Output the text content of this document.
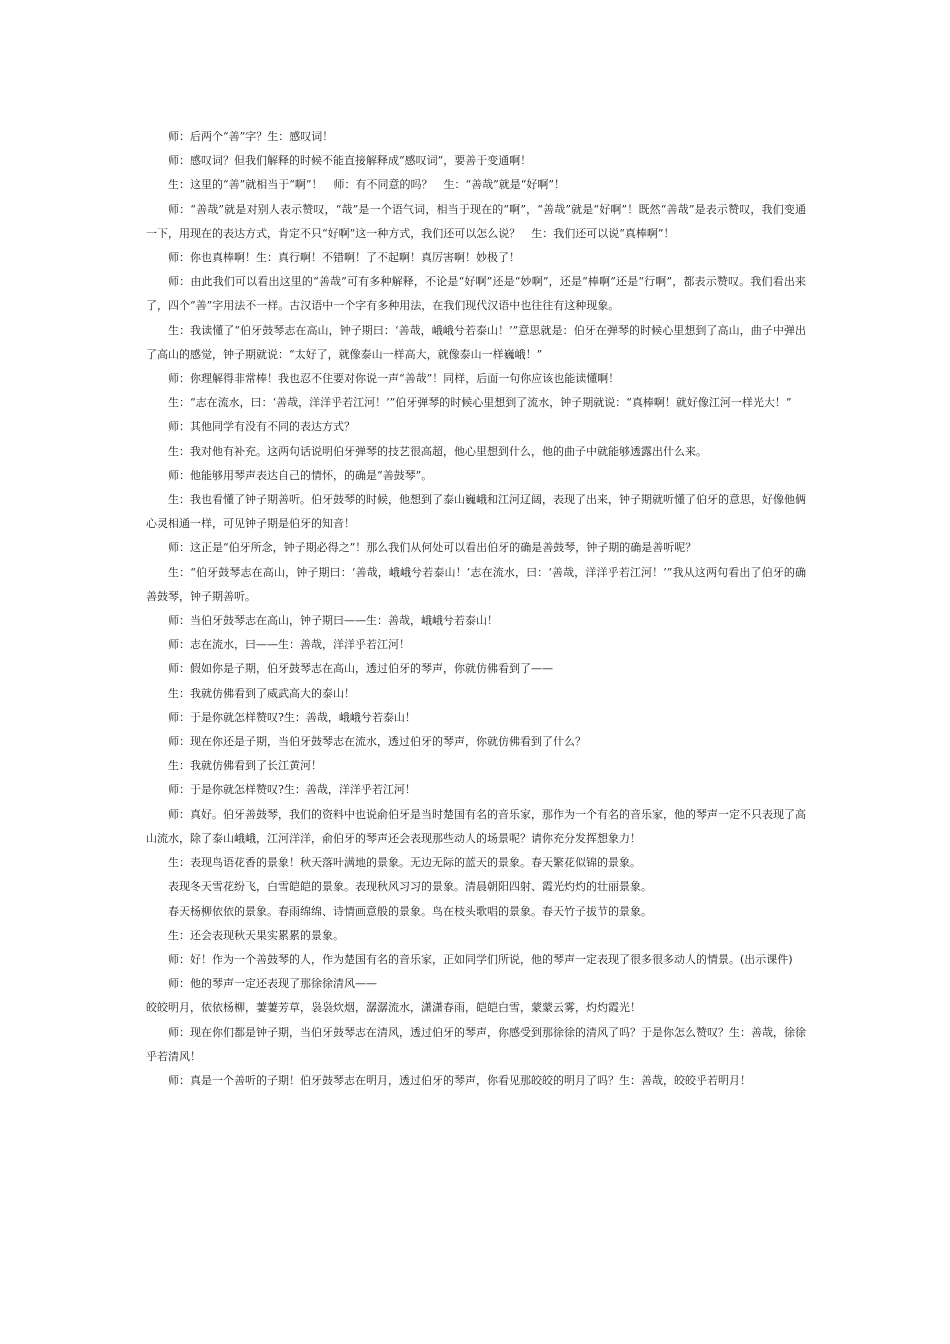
师：后两个“善”字？生：感叹词！

师：感叹词？但我们解释的时候不能直接解释成“感叹词”，要善于变通啊！

生：这里的“善”就相当于“啊”！　师：有不同意的吗？　生：“善哉”就是“好啊”！

师：“善哉”就是对别人表示赞叹，“哉”是一个语气词，相当于现在的“啊”，“善哉”就是“好啊”！既然“善哉”是表示赞叹，我们变通一下，用现在的表达方式，肯定不只“好啊”这一种方式，我们还可以怎么说？　生：我们还可以说“真棒啊”！

师：你也真棒啊！生：真行啊！不错啊！了不起啊！真厉害啊！妙极了！

师：由此我们可以看出这里的“善哉”可有多种解释，不论是“好啊”还是“妙啊”，还是“棒啊”还是“行啊”，都表示赞叹。我们看出来了，四个“善”字用法不一样。古汉语中一个字有多种用法，在我们现代汉语中也往往有这种现象。

生：我读懂了“伯牙鼓琴志在高山，钟子期曰：‘善哉，峨峨兮若泰山！’”意思就是：伯牙在弹琴的时候心里想到了高山，曲子中弹出了高山的感觉，钟子期就说：“太好了，就像泰山一样高大，就像泰山一样巍峨！”

师：你理解得非常棒！我也忍不住要对你说一声“善哉”！同样，后面一句你应该也能读懂啊！

生：“志在流水，曰：‘善哉，洋洋乎若江河！’”伯牙弹琴的时候心里想到了流水，钟子期就说：“真棒啊！就好像江河一样光大！”

师：其他同学有没有不同的表达方式？

生：我对他有补充。这两句话说明伯牙弹琴的技艺很高超，他心里想到什么，他的曲子中就能够透露出什么来。

师：他能够用琴声表达自己的情怀，的确是“善鼓琴”。

生：我也看懂了钟子期善听。伯牙鼓琴的时候，他想到了泰山巍峨和江河辽阔，表现了出来，钟子期就听懂了伯牙的意思，好像他俩心灵相通一样，可见钟子期是伯牙的知音！

师：这正是“伯牙所念，钟子期必得之”！那么我们从何处可以看出伯牙的确是善鼓琴，钟子期的确是善听呢？

生：“伯牙鼓琴志在高山，钟子期曰：‘善哉，峨峨兮若泰山！’志在流水，曰：‘善哉，洋洋乎若江河！’”我从这两句看出了伯牙的确善鼓琴，钟子期善听。

师：当伯牙鼓琴志在高山，钟子期曰——生：善哉，峨峨兮若泰山！

师：志在流水，曰——生：善哉，洋洋乎若江河！

师：假如你是子期，伯牙鼓琴志在高山，透过伯牙的琴声，你就仿佛看到了——

生：我就仿佛看到了威武高大的泰山！

师：于是你就怎样赞叹?生：善哉，峨峨兮若泰山！

师：现在你还是子期，当伯牙鼓琴志在流水，透过伯牙的琴声，你就仿佛看到了什么？

生：我就仿佛看到了长江黄河！

师：于是你就怎样赞叹?生：善哉，洋洋乎若江河！

师：真好。伯牙善鼓琴，我们的资料中也说俞伯牙是当时楚国有名的音乐家，那作为一个有名的音乐家，他的琴声一定不只表现了高山流水，除了泰山峨峨，江河洋洋，俞伯牙的琴声还会表现那些动人的场景呢？请你充分发挥想象力！

生：表现鸟语花香的景象！秋天落叶满地的景象。无边无际的蓝天的景象。春天繁花似锦的景象。

表现冬天雪花纷飞，白雪皑皑的景象。表现秋风习习的景象。清晨朝阳四射、霞光灼灼的壮丽景象。

春天杨柳依依的景象。春雨绵绵、诗情画意般的景象。鸟在枝头歌唱的景象。春天竹子拔节的景象。

生：还会表现秋天果实累累的景象。

师：好！作为一个善鼓琴的人，作为楚国有名的音乐家，正如同学们所说，他的琴声一定表现了很多很多动人的情景。(出示课件)

师：他的琴声一定还表现了那徐徐清风——

皎皎明月，依依杨柳，萋萋芳草，袅袅炊烟，潺潺流水，潇潇春雨，皑皑白雪，蒙蒙云雾，灼灼霞光！

师：现在你们都是钟子期，当伯牙鼓琴志在清风，透过伯牙的琴声，你感受到那徐徐的清风了吗？于是你怎么赞叹？生：善哉，徐徐乎若清风！

师：真是一个善听的子期！伯牙鼓琴志在明月，透过伯牙的琴声，你看见那皎皎的明月了吗？生：善哉，皎皎乎若明月！
